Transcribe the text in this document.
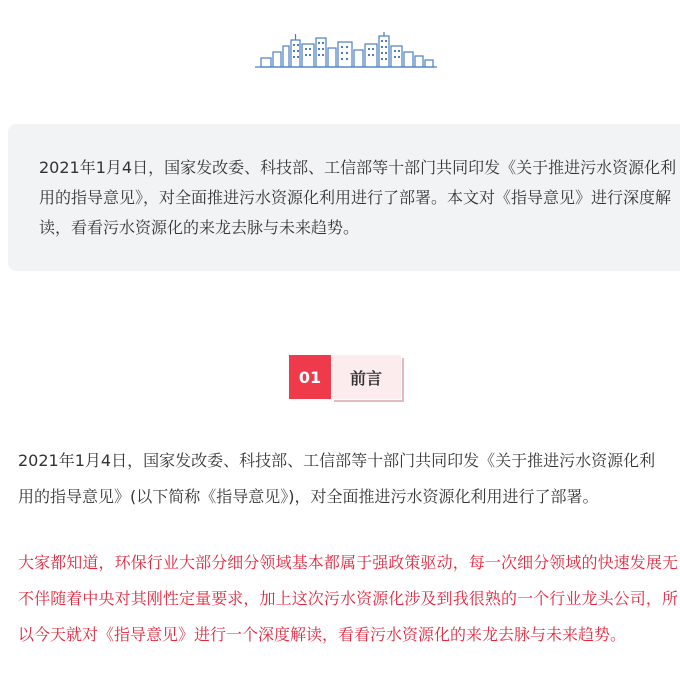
2021年1月4日，国家发改委、科技部、工信部等十部门共同印发《关于推进污水资源化利用的指导意见》，对全面推进污水资源化利用进行了部署。本文对《指导意见》进行深度解读，看看污水资源化的来龙去脉与未来趋势。

01	前言

2021年1月4日，国家发改委、科技部、工信部等十部门共同印发《关于推进污水资源化利用的指导意见》(以下简称《指导意见》)，对全面推进污水资源化利用进行了部署。

大家都知道，环保行业大部分细分领域基本都属于强政策驱动，每一次细分领域的快速发展无不伴随着中央对其刚性定量要求，加上这次污水资源化涉及到我很熟的一个行业龙头公司，所以今天就对《指导意见》进行一个深度解读，看看污水资源化的来龙去脉与未来趋势。
